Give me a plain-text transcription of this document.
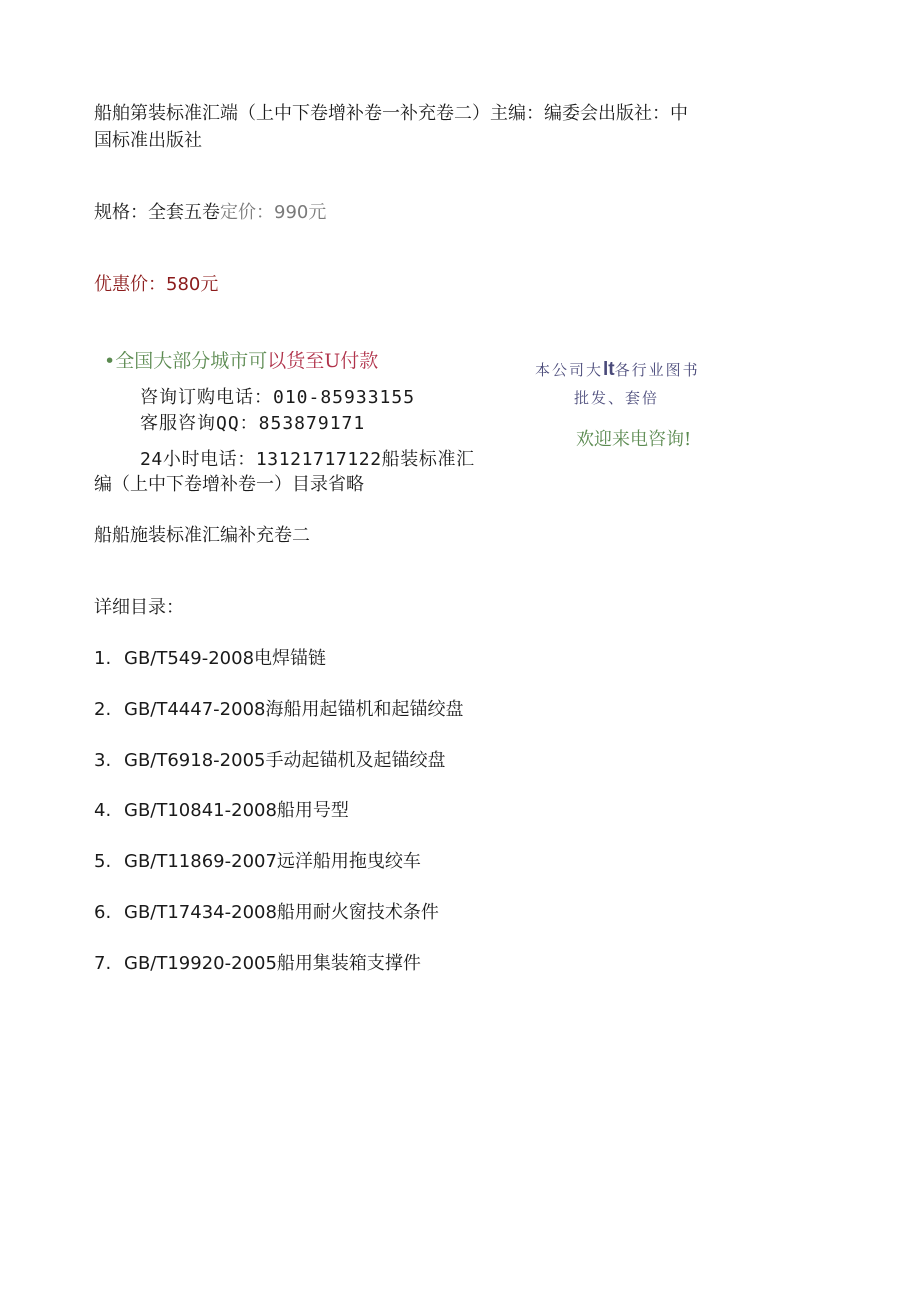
船舶第装标准汇端（上中下卷增补卷一补充卷二）主编：编委会出版社：中
国标准出版社
规格：全套五卷定价：990元
优惠价：580元
•全国大部分城市可以货至U付款
咨询订购电话：010-85933155
客服咨询QQ：853879171
24小时电话：13121717122船装标准汇
编（上中下卷增补卷一）目录省略
本公司大lt各行业图书
批发、套倍
欢迎来电咨询!
船船施装标准汇编补充卷二
详细目录：
1. GB/T549-2008电焊锚链
2. GB/T4447-2008海船用起锚机和起锚绞盘
3. GB/T6918-2005手动起锚机及起锚绞盘
4. GB/T10841-2008船用号型
5. GB/T11869-2007远洋船用拖曳绞车
6. GB/T17434-2008船用耐火窗技术条件
7. GB/T19920-2005船用集装箱支撑件
